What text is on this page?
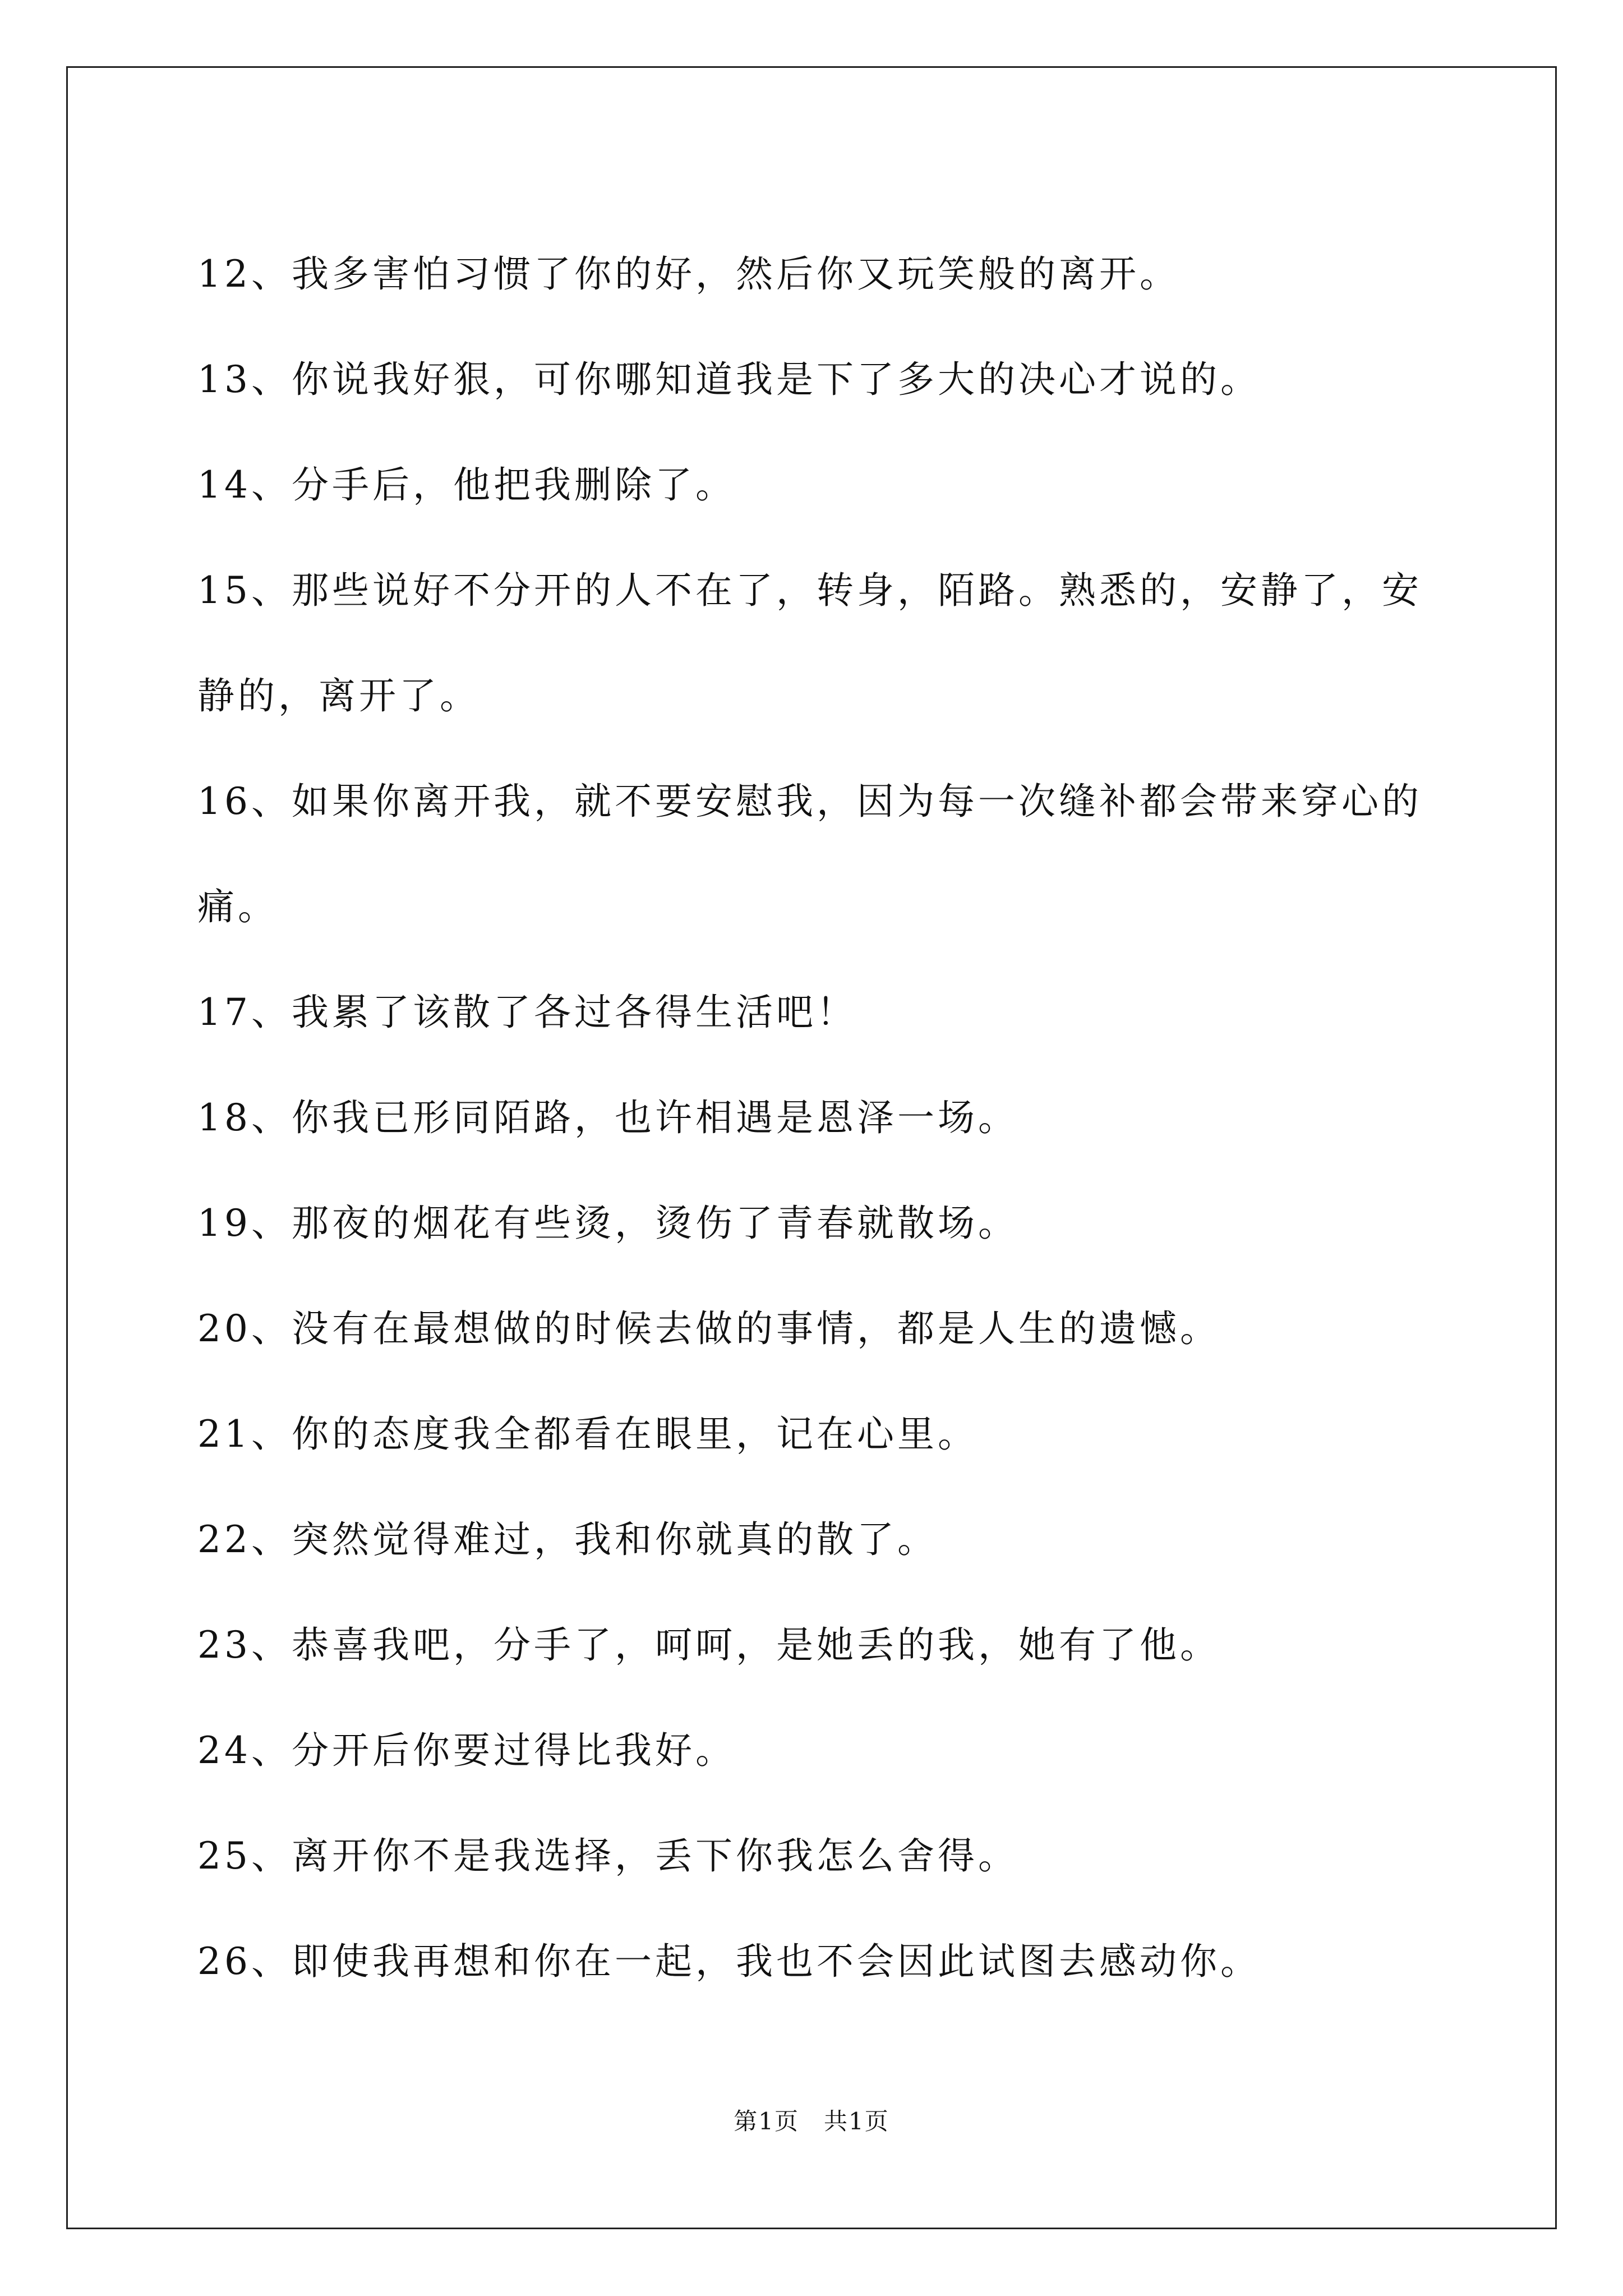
12、我多害怕习惯了你的好，然后你又玩笑般的离开。

13、你说我好狠，可你哪知道我是下了多大的决心才说的。

14、分手后，他把我删除了。

15、那些说好不分开的人不在了，转身，陌路。熟悉的，安静了，安静的，离开了。

16、如果你离开我，就不要安慰我，因为每一次缝补都会带来穿心的痛。

17、我累了该散了各过各得生活吧！

18、你我已形同陌路，也许相遇是恩泽一场。

19、那夜的烟花有些烫，烫伤了青春就散场。

20、没有在最想做的时候去做的事情，都是人生的遗憾。

21、你的态度我全都看在眼里，记在心里。

22、突然觉得难过，我和你就真的散了。

23、恭喜我吧，分手了，呵呵，是她丢的我，她有了他。

24、分开后你要过得比我好。

25、离开你不是我选择，丢下你我怎么舍得。

26、即使我再想和你在一起，我也不会因此试图去感动你。

第1页　共1页
